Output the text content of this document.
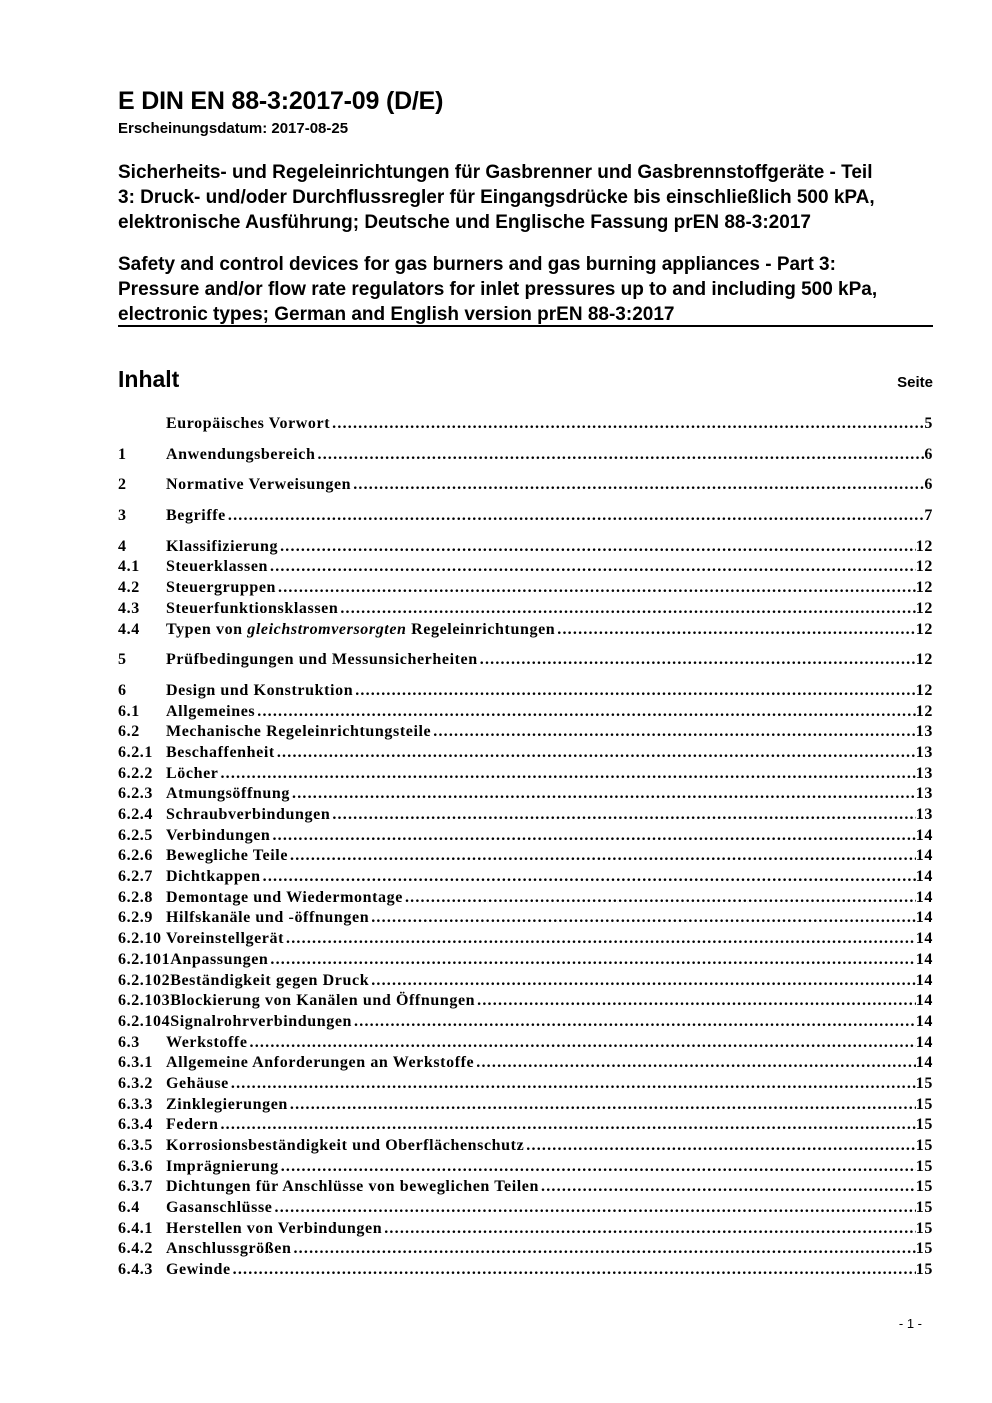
E DIN EN 88-3:2017-09 (D/E)
Erscheinungsdatum: 2017-08-25
Sicherheits- und Regeleinrichtungen für Gasbrenner und Gasbrennstoffgeräte - Teil
3: Druck- und/oder Durchflussregler für Eingangsdrücke bis einschließlich 500 kPA,
elektronische Ausführung; Deutsche und Englische Fassung prEN 88-3:2017
Safety and control devices for gas burners and gas burning appliances - Part 3:
Pressure and/or flow rate regulators for inlet pressures up to and including 500 kPa,
electronic types; German and English version prEN 88-3:2017
Inhalt	Seite
Europäisches Vorwort .....	5
1	Anwendungsbereich .....	6
2	Normative Verweisungen .....	6
3	Begriffe .....	7
4	Klassifizierung .....	12
4.1	Steuerklassen .....	12
4.2	Steuergruppen .....	12
4.3	Steuerfunktionsklassen .....	12
4.4	Typen von gleichstromversorgten Regeleinrichtungen .....	12
5	Prüfbedingungen und Messunsicherheiten .....	12
6	Design und Konstruktion .....	12
6.1	Allgemeines .....	12
6.2	Mechanische Regeleinrichtungsteile .....	13
6.2.1 Beschaffenheit .....	13
6.2.2 Löcher .....	13
6.2.3 Atmungsöffnung .....	13
6.2.4 Schraubverbindungen .....	13
6.2.5 Verbindungen .....	14
6.2.6 Bewegliche Teile .....	14
6.2.7 Dichtkappen .....	14
6.2.8 Demontage und Wiedermontage .....	14
6.2.9 Hilfskanäle und -öffnungen .....	14
6.2.10 Voreinstellgerät .....	14
6.2.101 Anpassungen .....	14
6.2.102 Beständigkeit gegen Druck .....	14
6.2.103 Blockierung von Kanälen und Öffnungen .....	14
6.2.104 Signalrohrverbindungen .....	14
6.3	Werkstoffe .....	14
6.3.1 Allgemeine Anforderungen an Werkstoffe .....	14
6.3.2 Gehäuse .....	15
6.3.3 Zinklegierungen .....	15
6.3.4 Federn .....	15
6.3.5 Korrosionsbeständigkeit und Oberflächenschutz .....	15
6.3.6 Imprägnierung .....	15
6.3.7 Dichtungen für Anschlüsse von beweglichen Teilen .....	15
6.4	Gasanschlüsse .....	15
6.4.1 Herstellen von Verbindungen .....	15
6.4.2 Anschlussgrößen .....	15
6.4.3 Gewinde .....	15
- 1 -
